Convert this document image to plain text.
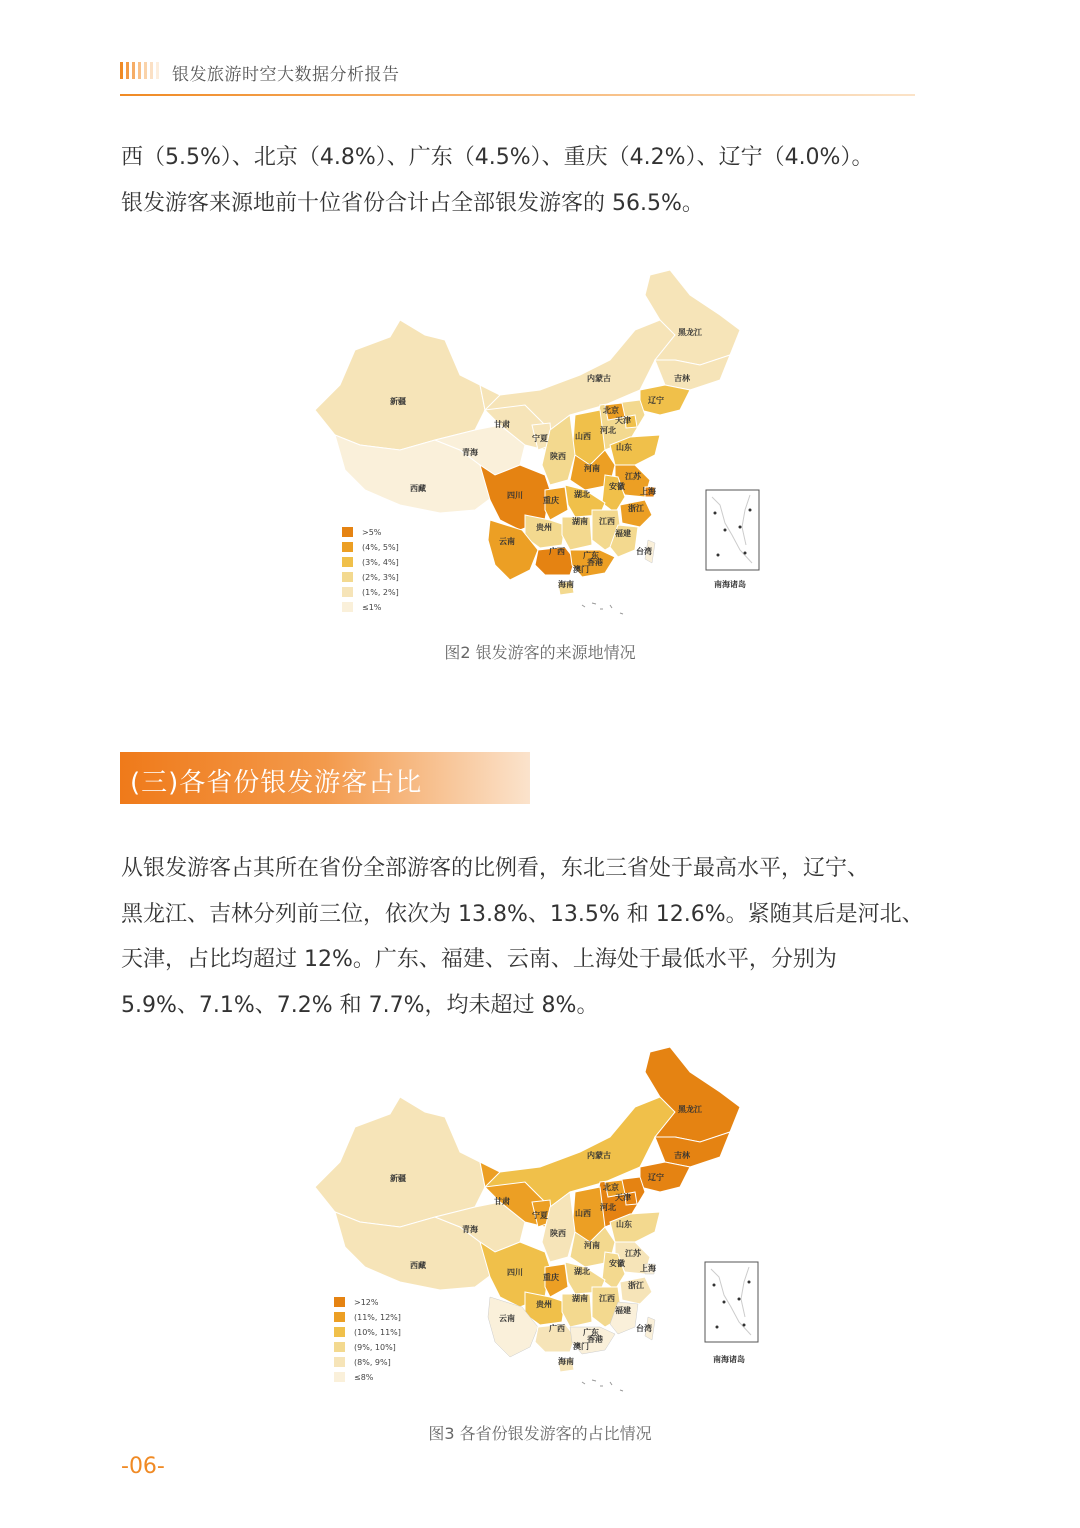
银发旅游时空大数据分析报告

西（5.5%）、北京（4.8%）、广东（4.5%）、重庆（4.2%）、辽宁（4.0%）。

银发游客来源地前十位省份合计占全部银发游客的 56.5%。

新疆
西藏
青海
甘肃
内蒙古
黑龙江
吉林
辽宁
北京
天津
河北
山西
山东
宁夏
陕西
河南
江苏
安徽
上海
四川
重庆
湖北
浙江
贵州
湖南 江西
福建
云南
广西 广东	台湾
香港
澳门
海南
>5%
(4%, 5%]
(3%, 4%]
(2%, 3%]
(1%, 2%]
≤1%
南海诸岛
图2 银发游客的来源地情况
(三)各省份银发游客占比

从银发游客占其所在省份全部游客的比例看，东北三省处于最高水平，辽宁、

黑龙江、吉林分列前三位，依次为 13.8%、13.5% 和 12.6%。紧随其后是河北、

天津，占比均超过 12%。广东、福建、云南、上海处于最低水平，分别为

5.9%、7.1%、7.2% 和 7.7%，均未超过 8%。

新疆
西藏
青海
甘肃
内蒙古
黑龙江
吉林
辽宁
北京
天津
河北
山西
山东
宁夏
陕西
河南
江苏
安徽
上海
四川
重庆
湖北
浙江
贵州
湖南 江西
福建
云南
广西 广东	台湾
香港
澳门
海南
>12%
(11%, 12%]
(10%, 11%]
(9%, 10%]
(8%, 9%]
≤8%
南海诸岛
图3 各省份银发游客的占比情况
-06-
